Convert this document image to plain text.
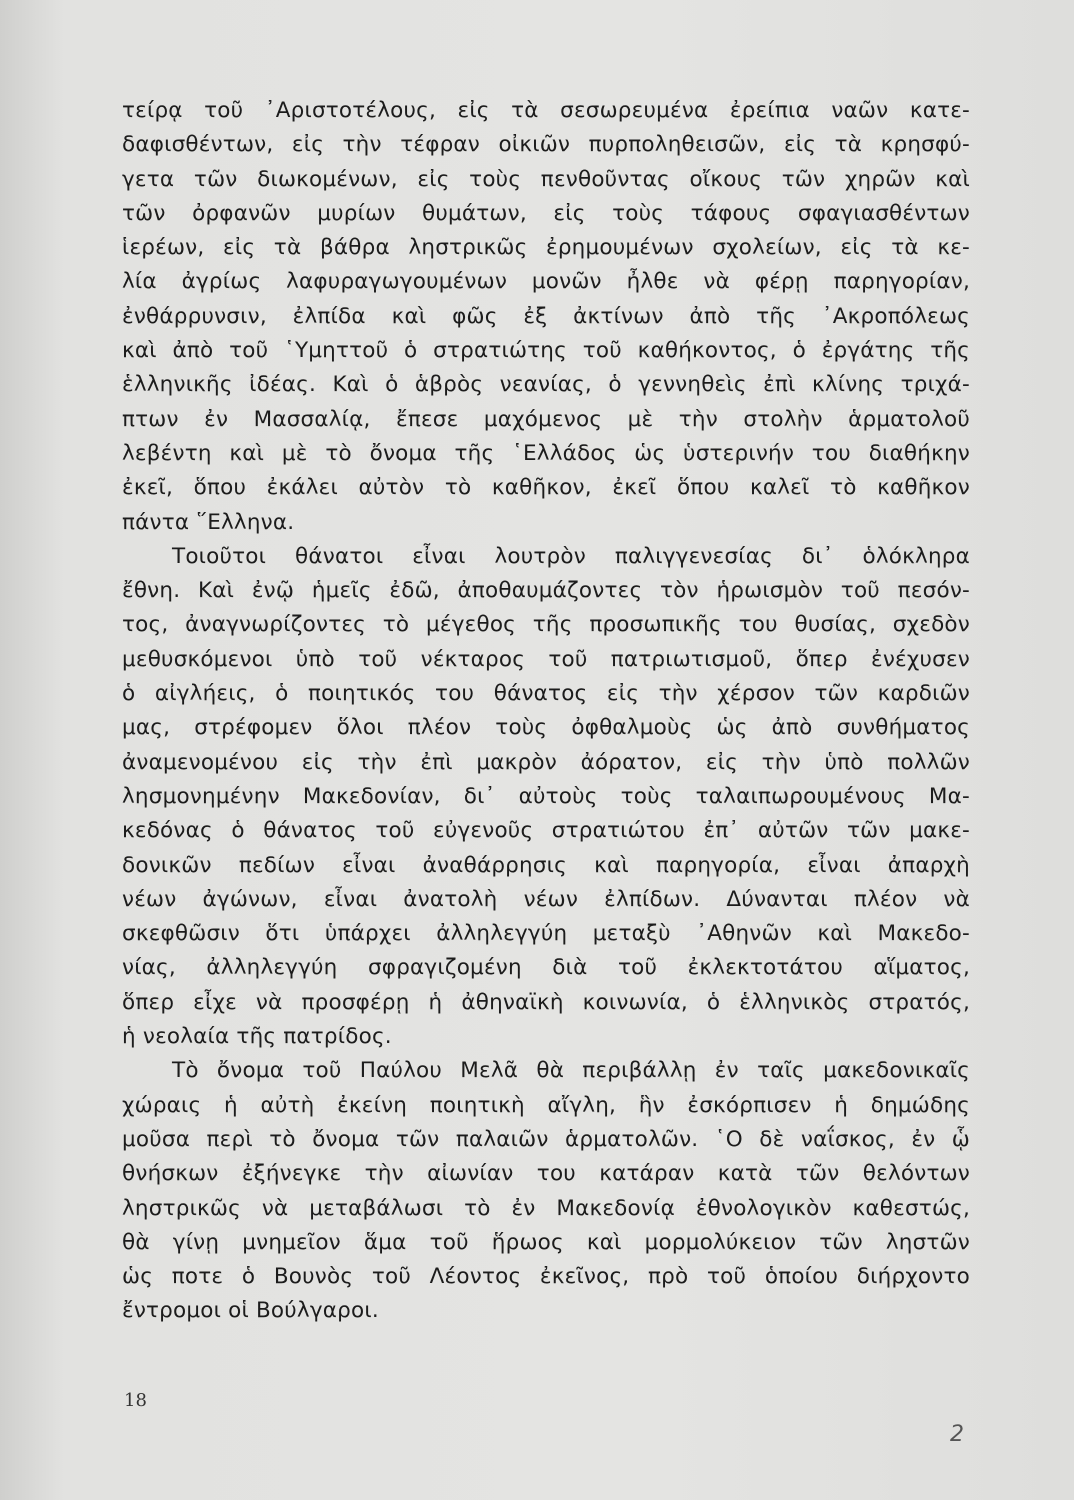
τείρᾳ τοῦ ᾿Αριστοτέλους, εἰς τὰ σεσωρευμένα ἐρείπια ναῶν κατε-
δαφισθέντων, εἰς τὴν τέφραν οἰκιῶν πυρποληθεισῶν, εἰς τὰ κρησφύ-
γετα τῶν διωκομένων, εἰς τοὺς πενθοῦντας οἴκους τῶν χηρῶν καὶ
τῶν ὀρφανῶν μυρίων θυμάτων, εἰς τοὺς τάφους σφαγιασθέντων
ἱερέων, εἰς τὰ βάθρα ληστρικῶς ἐρημουμένων σχολείων, εἰς τὰ κε-
λία ἀγρίως λαφυραγωγουμένων μονῶν ἦλθε νὰ φέρῃ παρηγορίαν,
ἐνθάρρυνσιν, ἐλπίδα καὶ φῶς ἐξ ἀκτίνων ἀπὸ τῆς ᾿Ακροπόλεως
καὶ ἀπὸ τοῦ ῾Υμηττοῦ ὁ στρατιώτης τοῦ καθήκοντος, ὁ ἐργάτης τῆς
ἑλληνικῆς ἰδέας. Καὶ ὁ ἁβρὸς νεανίας, ὁ γεννηθεὶς ἐπὶ κλίνης τριχά-
πτων ἐν Μασσαλίᾳ, ἔπεσε μαχόμενος μὲ τὴν στολὴν ἁρματολοῦ
λεβέντη καὶ μὲ τὸ ὄνομα τῆς ῾Ελλάδος ὡς ὑστερινήν του διαθήκην
ἐκεῖ, ὅπου ἐκάλει αὐτὸν τὸ καθῆκον, ἐκεῖ ὅπου καλεῖ τὸ καθῆκον
πάντα ῞Ελληνα.
Τοιοῦτοι θάνατοι εἶναι λουτρὸν παλιγγενεσίας δι᾿ ὁλόκληρα
ἔθνη. Καὶ ἐνῷ ἡμεῖς ἐδῶ, ἀποθαυμάζοντες τὸν ἡρωισμὸν τοῦ πεσόν-
τος, ἀναγνωρίζοντες τὸ μέγεθος τῆς προσωπικῆς του θυσίας, σχεδὸν
μεθυσκόμενοι ὑπὸ τοῦ νέκταρος τοῦ πατριωτισμοῦ, ὅπερ ἐνέχυσεν
ὁ αἰγλήεις, ὁ ποιητικός του θάνατος εἰς τὴν χέρσον τῶν καρδιῶν
μας, στρέφομεν ὅλοι πλέον τοὺς ὀφθαλμοὺς ὡς ἀπὸ συνθήματος
ἀναμενομένου εἰς τὴν ἐπὶ μακρὸν ἀόρατον, εἰς τὴν ὑπὸ πολλῶν
λησμονημένην Μακεδονίαν, δι᾿ αὐτοὺς τοὺς ταλαιπωρουμένους Μα-
κεδόνας ὁ θάνατος τοῦ εὐγενοῦς στρατιώτου ἐπ᾿ αὐτῶν τῶν μακε-
δονικῶν πεδίων εἶναι ἀναθάρρησις καὶ παρηγορία, εἶναι ἀπαρχὴ
νέων ἀγώνων, εἶναι ἀνατολὴ νέων ἐλπίδων. Δύνανται πλέον νὰ
σκεφθῶσιν ὅτι ὑπάρχει ἀλληλεγγύη μεταξὺ ᾿Αθηνῶν καὶ Μακεδο-
νίας, ἀλληλεγγύη σφραγιζομένη διὰ τοῦ ἐκλεκτοτάτου αἵματος,
ὅπερ εἶχε νὰ προσφέρῃ ἡ ἀθηναϊκὴ κοινωνία, ὁ ἑλληνικὸς στρατός,
ἡ νεολαία τῆς πατρίδος.
Τὸ ὄνομα τοῦ Παύλου Μελᾶ θὰ περιβάλλῃ ἐν ταῖς μακεδονικαῖς
χώραις ἡ αὐτὴ ἐκείνη ποιητικὴ αἴγλη, ἣν ἐσκόρπισεν ἡ δημώδης
μοῦσα περὶ τὸ ὄνομα τῶν παλαιῶν ἁρματολῶν. ῾Ο δὲ ναΐσκος, ἐν ᾧ
θνήσκων ἐξήνεγκε τὴν αἰωνίαν του κατάραν κατὰ τῶν θελόντων
ληστρικῶς νὰ μεταβάλωσι τὸ ἐν Μακεδονίᾳ ἐθνολογικὸν καθεστώς,
θὰ γίνῃ μνημεῖον ἅμα τοῦ ἥρωος καὶ μορμολύκειον τῶν ληστῶν
ὡς ποτε ὁ Βουνὸς τοῦ Λέοντος ἐκεῖνος, πρὸ τοῦ ὁποίου διήρχοντο
ἔντρομοι οἱ Βούλγαροι.
18
2
